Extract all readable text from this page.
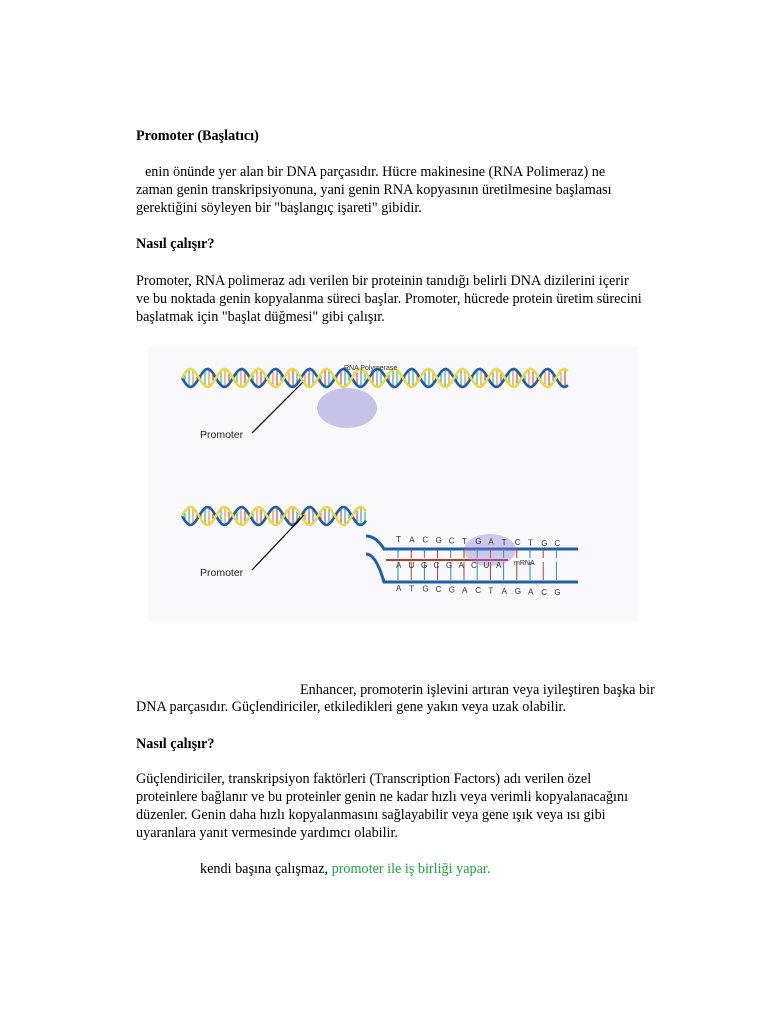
Promoter (Başlatıcı)
enin önünde yer alan bir DNA parçasıdır. Hücre makinesine (RNA Polimeraz) ne
zaman genin transkripsiyonuna, yani genin RNA kopyasının üretilmesine başlaması
gerektiğini söyleyen bir "başlangıç işareti" gibidir.
Nasıl çalışır?
Promoter, RNA polimeraz adı verilen bir proteinin tanıdığı belirli DNA dizilerini içerir
ve bu noktada genin kopyalanma süreci başlar. Promoter, hücrede protein üretim sürecini
başlatmak için "başlat düğmesi" gibi çalışır.
RNA Polymerase
Promoter
Promoter
mRNA
T A C G C T G A T C T G C
A U G C G A C U A
A T G C G A C T A G A C G
Enhancer, promoterin işlevini artıran veya iyileştiren başka bir
DNA parçasıdır. Güçlendiriciler, etkiledikleri gene yakın veya uzak olabilir.
Nasıl çalışır?
Güçlendiriciler, transkripsiyon faktörleri (Transcription Factors) adı verilen özel
proteinlere bağlanır ve bu proteinler genin ne kadar hızlı veya verimli kopyalanacağını
düzenler. Genin daha hızlı kopyalanmasını sağlayabilir veya gene ışık veya ısı gibi
uyaranlara yanıt vermesinde yardımcı olabilir.
kendi başına çalışmaz, promoter ile iş birliği yapar.
